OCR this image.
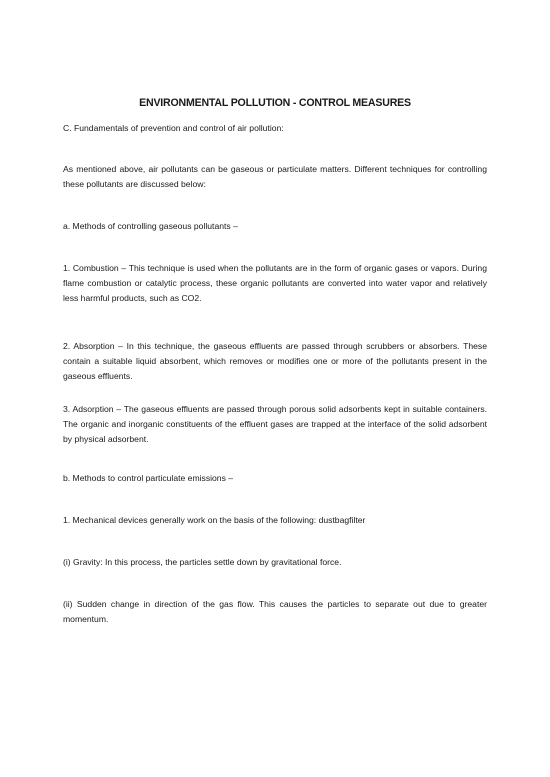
ENVIRONMENTAL POLLUTION - CONTROL MEASURES

C. Fundamentals of prevention and control of air pollution:

As mentioned above, air pollutants can be gaseous or particulate matters. Different techniques for controlling these pollutants are discussed below:

a. Methods of controlling gaseous pollutants –

1. Combustion – This technique is used when the pollutants are in the form of organic gases or vapors. During flame combustion or catalytic process, these organic pollutants are converted into water vapor and relatively less harmful products, such as CO2.

2. Absorption – In this technique, the gaseous effluents are passed through scrubbers or absorbers. These contain a suitable liquid absorbent, which removes or modifies one or more of the pollutants present in the gaseous effluents.

3. Adsorption – The gaseous effluents are passed through porous solid adsorbents kept in suitable containers. The organic and inorganic constituents of the effluent gases are trapped at the interface of the solid adsorbent by physical adsorbent.

b. Methods to control particulate emissions –

1. Mechanical devices generally work on the basis of the following: dustbagfilter

(i) Gravity: In this process, the particles settle down by gravitational force.

(ii) Sudden change in direction of the gas flow. This causes the particles to separate out due to greater momentum.
